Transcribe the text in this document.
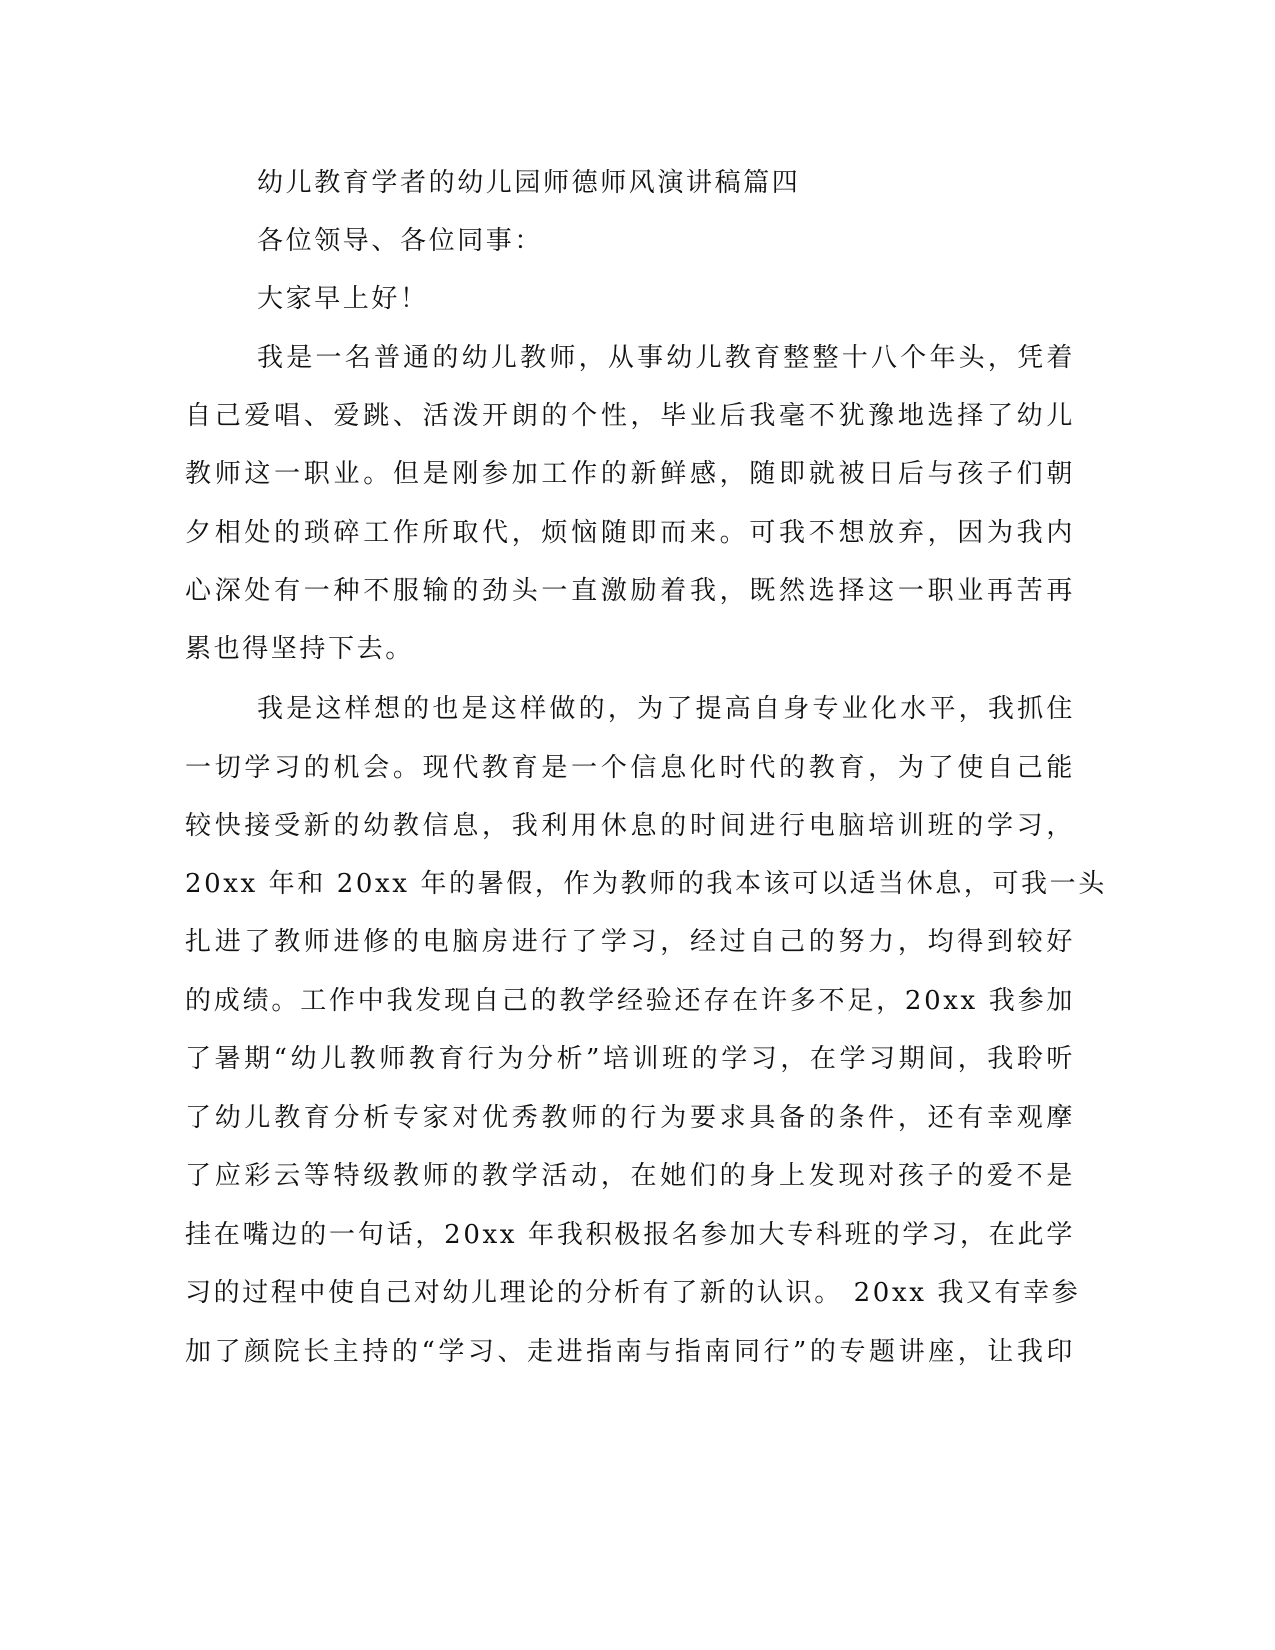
幼儿教育学者的幼儿园师德师风演讲稿篇四
各位领导、各位同事：
大家早上好！
我是一名普通的幼儿教师，从事幼儿教育整整十八个年头，凭着
自己爱唱、爱跳、活泼开朗的个性，毕业后我毫不犹豫地选择了幼儿
教师这一职业。但是刚参加工作的新鲜感，随即就被日后与孩子们朝
夕相处的琐碎工作所取代，烦恼随即而来。可我不想放弃，因为我内
心深处有一种不服输的劲头一直激励着我，既然选择这一职业再苦再
累也得坚持下去。
我是这样想的也是这样做的，为了提高自身专业化水平，我抓住
一切学习的机会。现代教育是一个信息化时代的教育，为了使自己能
较快接受新的幼教信息，我利用休息的时间进行电脑培训班的学习，
20xx 年和 20xx 年的暑假，作为教师的我本该可以适当休息，可我一头
扎进了教师进修的电脑房进行了学习，经过自己的努力，均得到较好
的成绩。工作中我发现自己的教学经验还存在许多不足，20xx 我参加
了暑期“幼儿教师教育行为分析”培训班的学习，在学习期间，我聆听
了幼儿教育分析专家对优秀教师的行为要求具备的条件，还有幸观摩
了应彩云等特级教师的教学活动，在她们的身上发现对孩子的爱不是
挂在嘴边的一句话，20xx 年我积极报名参加大专科班的学习，在此学
习的过程中使自己对幼儿理论的分析有了新的认识。 20xx 我又有幸参
加了颜院长主持的“学习、走进指南与指南同行”的专题讲座，让我印
